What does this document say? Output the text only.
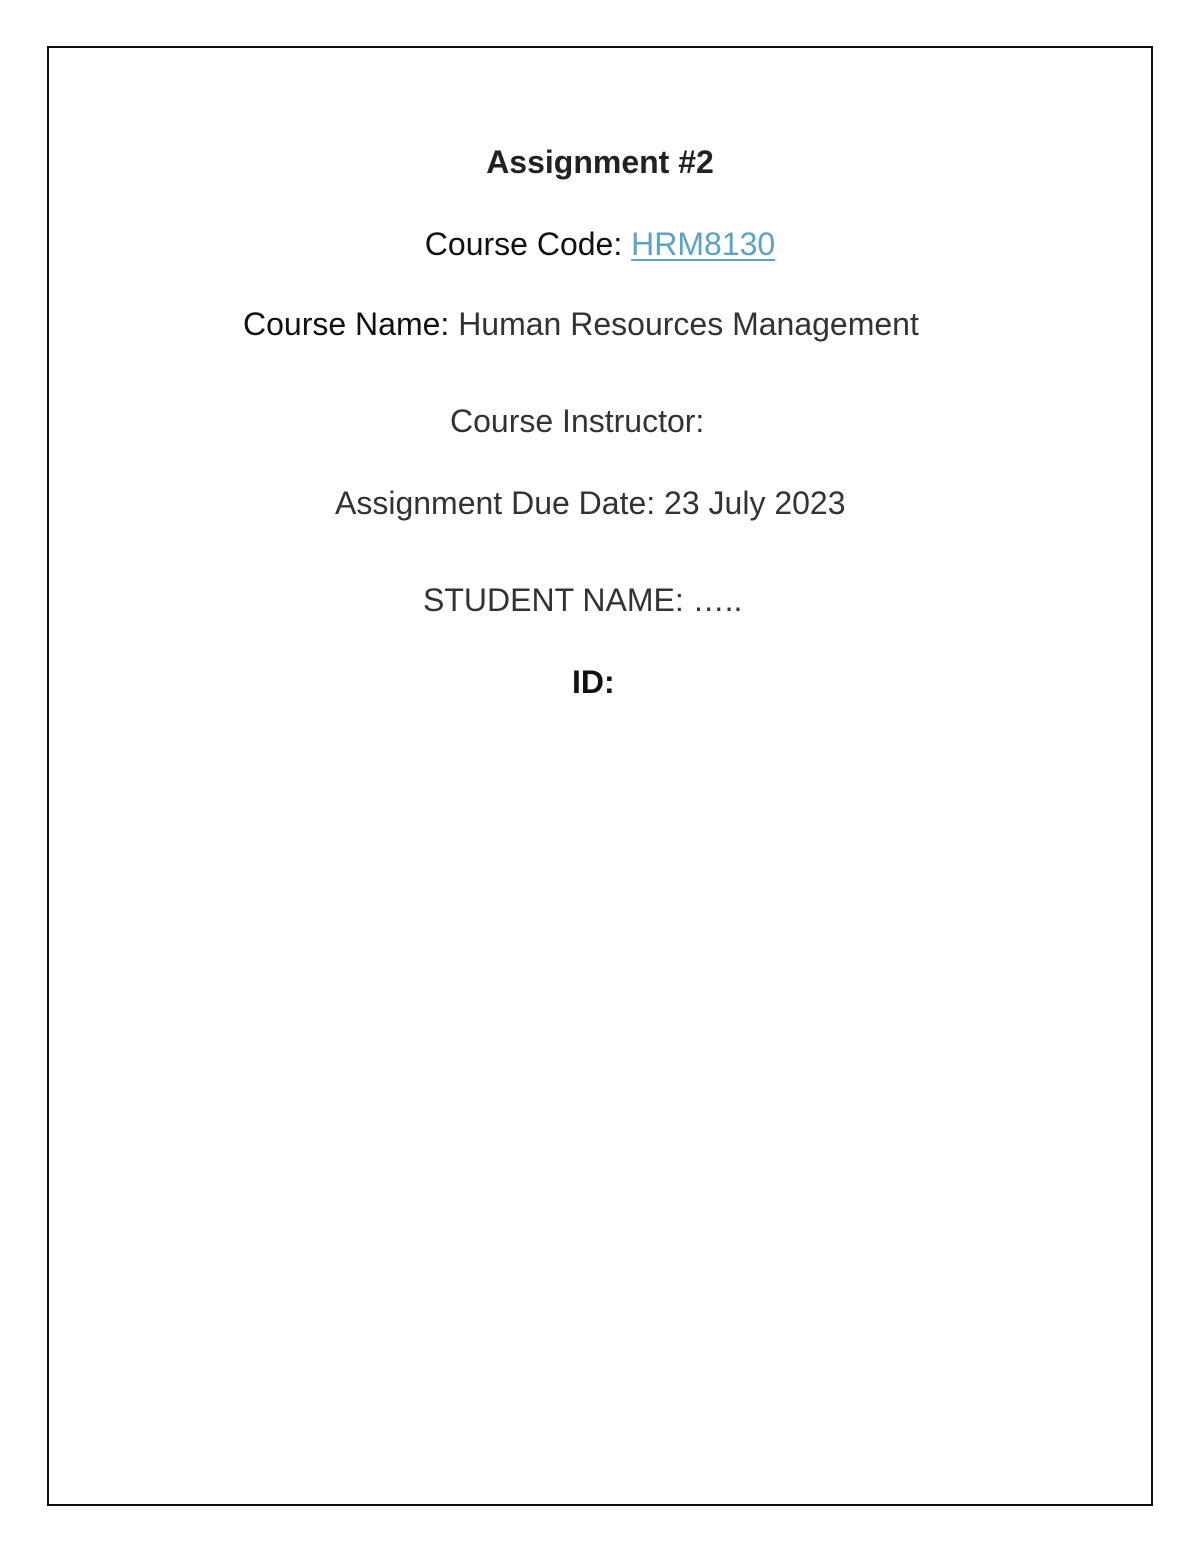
Assignment #2
Course Code: HRM8130
Course Name: Human Resources Management
Course Instructor:
Assignment Due Date: 23 July 2023
STUDENT NAME: …..
ID:
